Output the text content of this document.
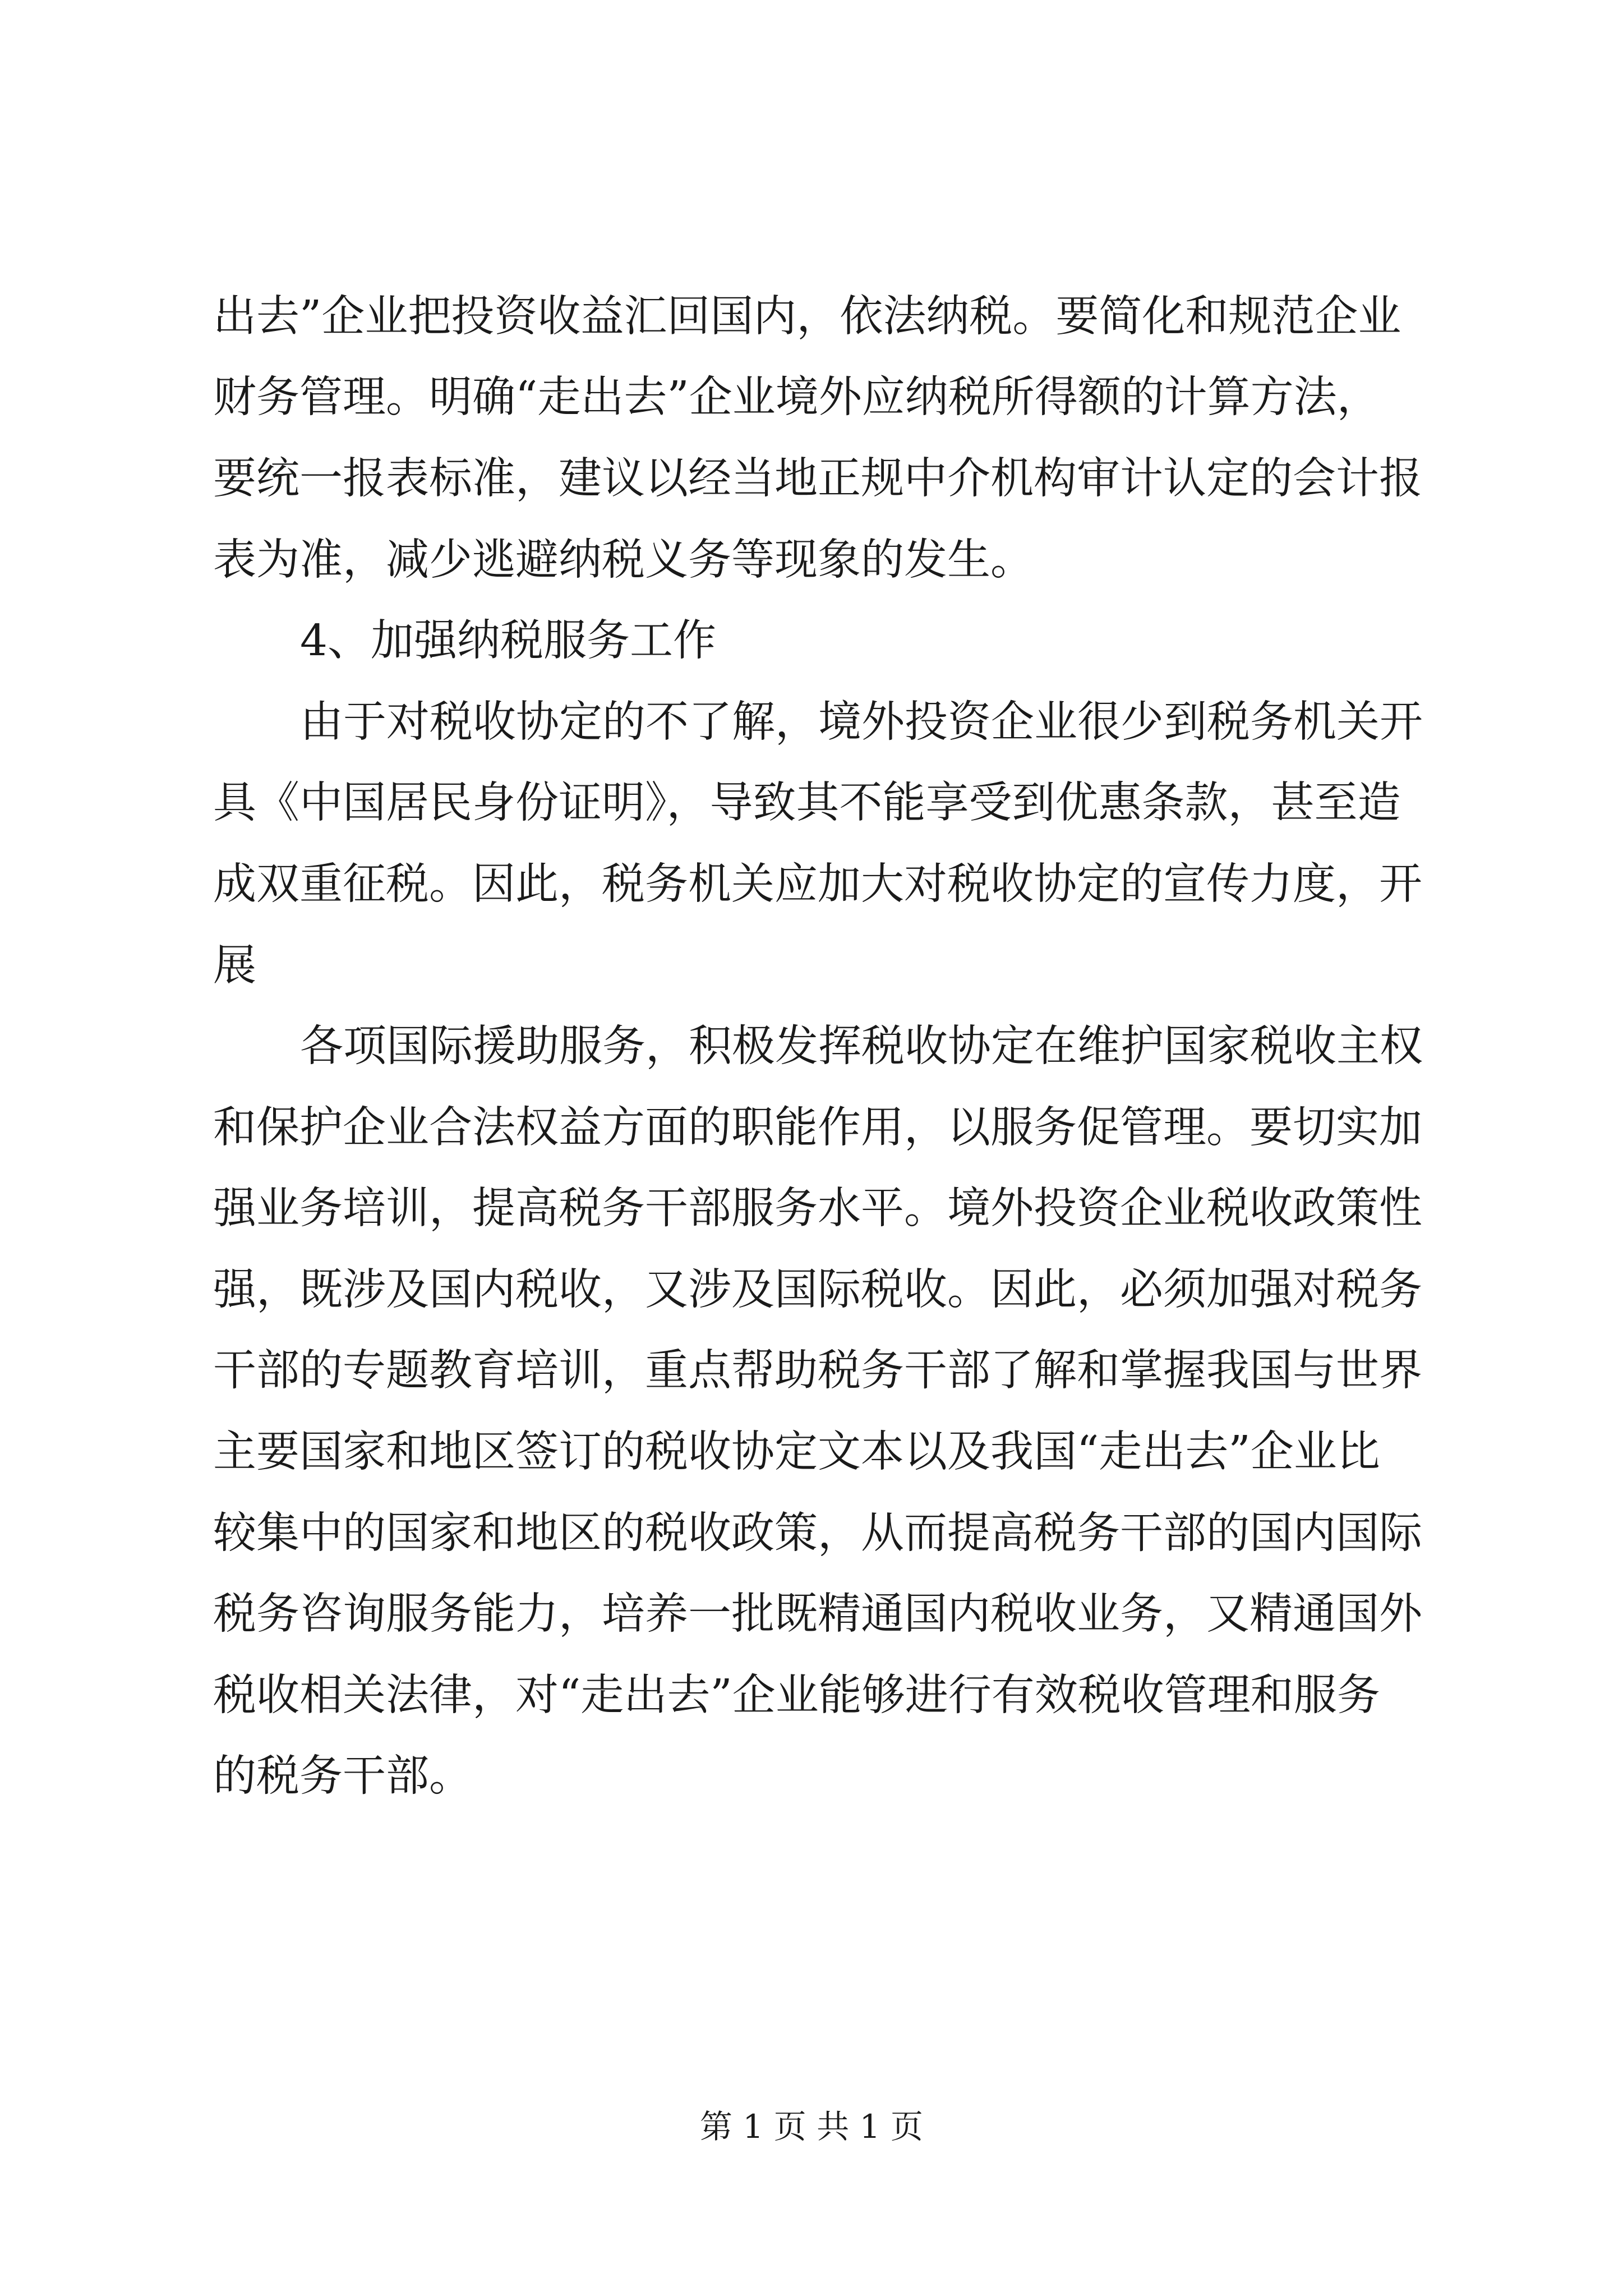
出去”企业把投资收益汇回国内，依法纳税。要简化和规范企业
财务管理。明确“走出去”企业境外应纳税所得额的计算方法，
要统一报表标准，建议以经当地正规中介机构审计认定的会计报
表为准，减少逃避纳税义务等现象的发生。
4、加强纳税服务工作
由于对税收协定的不了解，境外投资企业很少到税务机关开
具《中国居民身份证明》，导致其不能享受到优惠条款，甚至造
成双重征税。因此，税务机关应加大对税收协定的宣传力度，开
展
各项国际援助服务，积极发挥税收协定在维护国家税收主权
和保护企业合法权益方面的职能作用，以服务促管理。要切实加
强业务培训，提高税务干部服务水平。境外投资企业税收政策性
强，既涉及国内税收，又涉及国际税收。因此，必须加强对税务
干部的专题教育培训，重点帮助税务干部了解和掌握我国与世界
主要国家和地区签订的税收协定文本以及我国“走出去”企业比
较集中的国家和地区的税收政策，从而提高税务干部的国内国际
税务咨询服务能力，培养一批既精通国内税收业务，又精通国外
税收相关法律，对“走出去”企业能够进行有效税收管理和服务
的税务干部。
第 1 页 共 1 页
